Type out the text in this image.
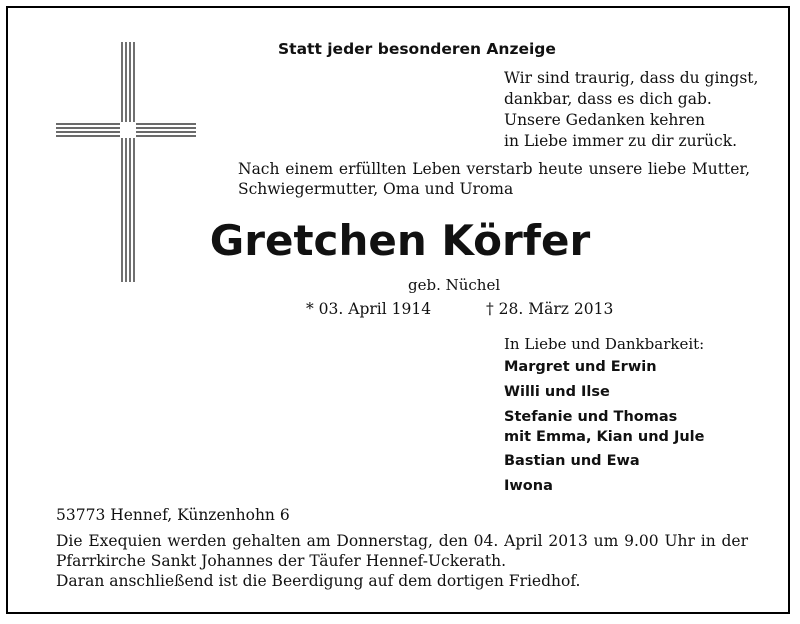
Statt jeder besonderen Anzeige
Wir sind traurig, dass du gingst,
dankbar, dass es dich gab.
Unsere Gedanken kehren
in Liebe immer zu dir zurück.
Nach einem erfüllten Leben verstarb heute unsere liebe Mutter,
Schwiegermutter, Oma und Uroma
Gretchen Körfer
geb. Nüchel
* 03. April 1914	† 28. März 2013
In Liebe und Dankbarkeit:
Margret und Erwin
Willi und Ilse
Stefanie und Thomas
mit Emma, Kian und Jule
Bastian und Ewa
Iwona
53773 Hennef, Künzenhohn 6
Die Exequien werden gehalten am Donnerstag, den 04. April 2013 um 9.00 Uhr in der
Pfarrkirche Sankt Johannes der Täufer Hennef-Uckerath.
Daran anschließend ist die Beerdigung auf dem dortigen Friedhof.
